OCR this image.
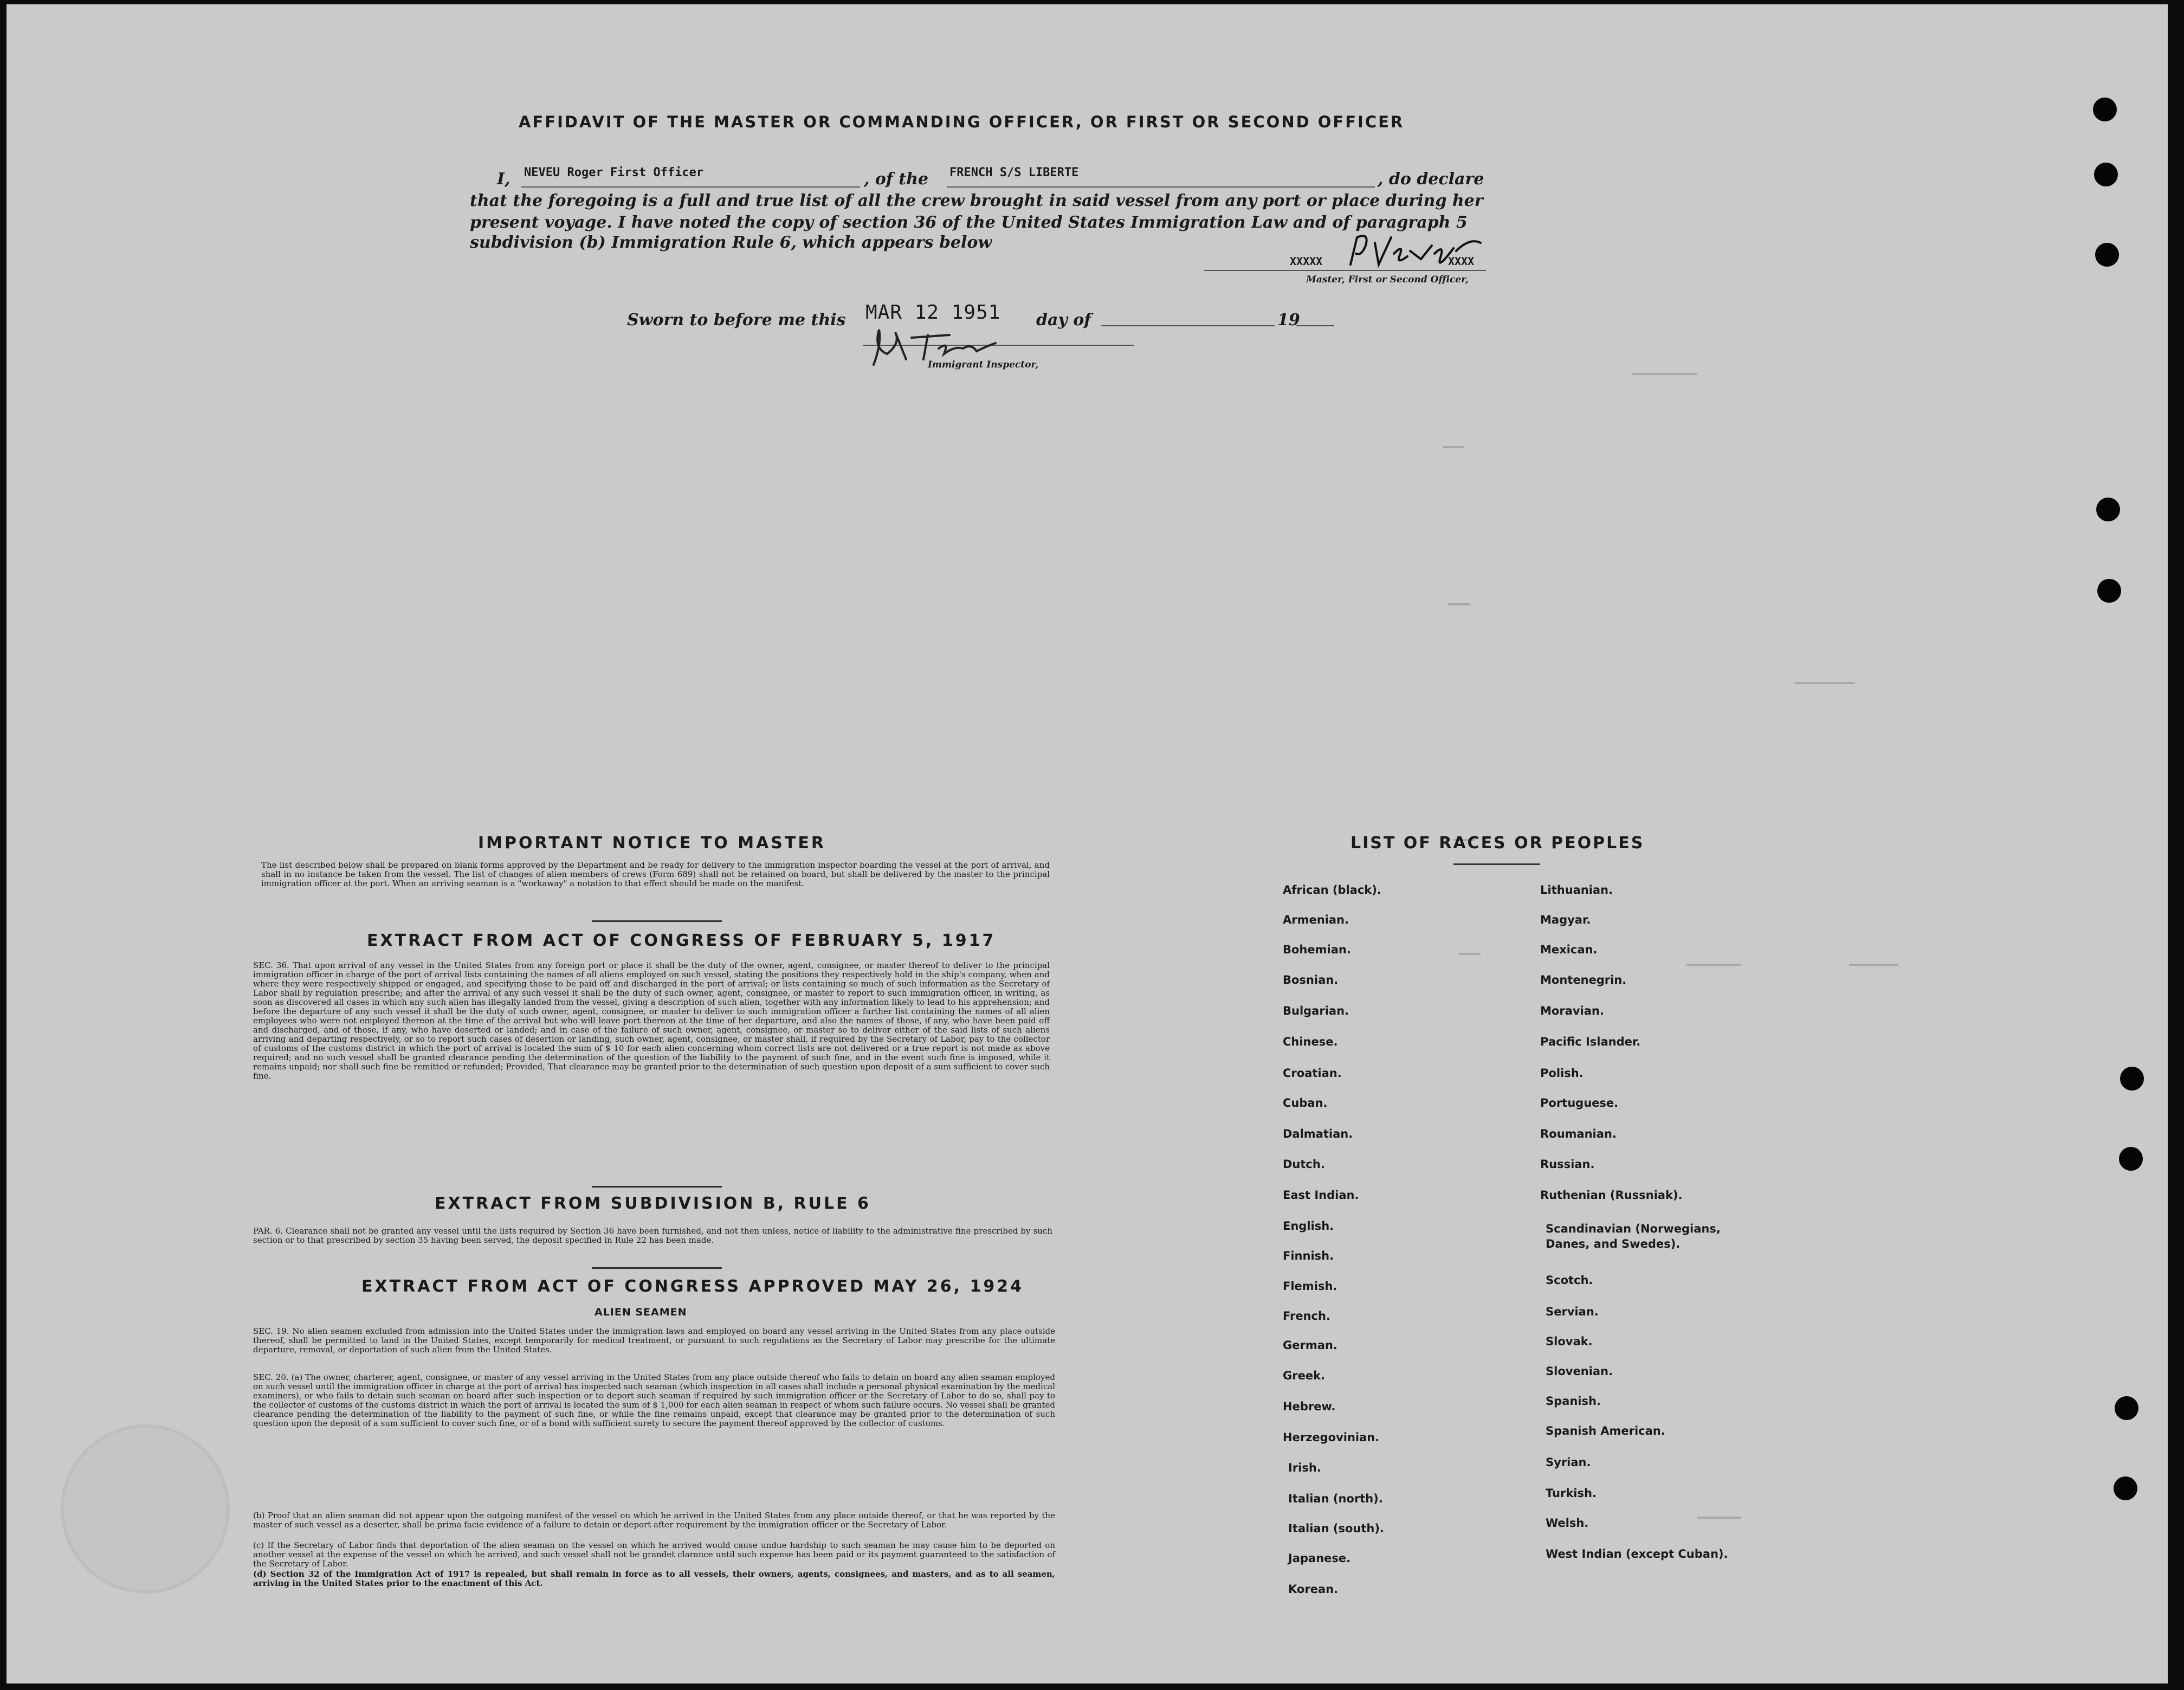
AFFIDAVIT OF THE MASTER OR COMMANDING OFFICER, OR FIRST OR SECOND OFFICER
I, NEVEU Roger First Officer	, of the FRENCH S/S LIBERTE	, do declare
that the foregoing is a full and true list of all the crew brought in said vessel from any port or place during her
present voyage. I have noted the copy of section 36 of the United States Immigration Law and of paragraph 5
subdivision (b) Immigration Rule 6, which appears below
XXXXX	XXXX
Master, First or Second Officer,
Sworn to before me this MAR 12 1951 day of	19
Immigrant Inspector,
IMPORTANT NOTICE TO MASTER
The list described below shall be prepared on blank forms approved by the Department and be ready for delivery to the immigration inspector boarding the vessel at the port of arrival, and shall in no instance be taken from the vessel. The list of changes of alien members of crews (Form 689) shall not be retained on board, but shall be delivered by the master to the principal immigration officer at the port. When an arriving seaman is a "workaway" a notation to that effect should be made on the manifest.
EXTRACT FROM ACT OF CONGRESS OF FEBRUARY 5, 1917
SEC. 36. That upon arrival of any vessel in the United States from any foreign port or place it shall be the duty of the owner, agent, consignee, or master thereof to deliver to the principal immigration officer in charge of the port of arrival lists containing the names of all aliens employed on such vessel, stating the positions they respectively hold in the ship's company, when and where they were respectively shipped or engaged, and specifying those to be paid off and discharged in the port of arrival; or lists containing so much of such information as the Secretary of Labor shall by regulation prescribe; and after the arrival of any such vessel it shall be the duty of such owner, agent, consignee, or master to report to such immigration officer, in writing, as soon as discovered all cases in which any such alien has illegally landed from the vessel, giving a description of such alien, together with any information likely to lead to his apprehension; and before the departure of any such vessel it shall be the duty of such owner, agent, consignee, or master to deliver to such immigration officer a further list containing the names of all alien employees who were not employed thereon at the time of the arrival but who will leave port thereon at the time of her departure, and also the names of those, if any, who have been paid off and discharged, and of those, if any, who have deserted or landed; and in case of the failure of such owner, agent, consignee, or master so to deliver either of the said lists of such aliens arriving and departing respectively, or so to report such cases of desertion or landing, such owner, agent, consignee, or master shall, if required by the Secretary of Labor, pay to the collector of customs of the customs district in which the port of arrival is located the sum of $ 10 for each alien concerning whom correct lists are not delivered or a true report is not made as above required; and no such vessel shall be granted clearance pending the determination of the question of the liability to the payment of such fine, and in the event such fine is imposed, while it remains unpaid; nor shall such fine be remitted or refunded; Provided, That clearance may be granted prior to the determination of such question upon deposit of a sum sufficient to cover such fine.
EXTRACT FROM SUBDIVISION B, RULE 6
PAR. 6. Clearance shall not be granted any vessel until the lists required by Section 36 have been furnished, and not then unless, notice of liability to the administrative fine prescribed by such section or to that prescribed by section 35 having been served, the deposit specified in Rule 22 has been made.
EXTRACT FROM ACT OF CONGRESS APPROVED MAY 26, 1924
ALIEN SEAMEN
SEC. 19. No alien seamen excluded from admission into the United States under the immigration laws and employed on board any vessel arriving in the United States from any place outside thereof, shall be permitted to land in the United States, except temporarily for medical treatment, or pursuant to such regulations as the Secretary of Labor may prescribe for the ultimate departure, removal, or deportation of such alien from the United States.
SEC. 20. (a) The owner, charterer, agent, consignee, or master of any vessel arriving in the United States from any place outside thereof who fails to detain on board any alien seaman employed on such vessel until the immigration officer in charge at the port of arrival has inspected such seaman (which inspection in all cases shall include a personal physical examination by the medical examiners), or who fails to detain such seaman on board after such inspection or to deport such seaman if required by such immigration officer or the Secretary of Labor to do so, shall pay to the collector of customs of the customs district in which the port of arrival is located the sum of $ 1,000 for each alien seaman in respect of whom such failure occurs. No vessel shall be granted clearance pending the determination of the liability to the payment of such fine, or while the fine remains unpaid, except that clearance may be granted prior to the determination of such question upon the deposit of a sum sufficient to cover such fine, or of a bond with sufficient surety to secure the payment thereof approved by the collector of customs.
(b) Proof that an alien seaman did not appear upon the outgoing manifest of the vessel on which he arrived in the United States from any place outside thereof, or that he was reported by the master of such vessel as a deserter, shall be prima facie evidence of a failure to detain or deport after requirement by the immigration officer or the Secretary of Labor.
(c) If the Secretary of Labor finds that deportation of the alien seaman on the vessel on which he arrived would cause undue hardship to such seaman he may cause him to be deported on another vessel at the expense of the vessel on which he arrived, and such vessel shall not be grandet clarance until such expense has been paid or its payment guaranteed to the satisfaction of the Secretary of Labor.
(d) Section 32 of the Immigration Act of 1917 is repealed, but shall remain in force as to all vessels, their owners, agents, consignees, and masters, and as to all seamen, arriving in the United States prior to the enactment of this Act.
LIST OF RACES OR PEOPLES
African (black).
Armenian.
Bohemian.
Bosnian.
Bulgarian.
Chinese.
Croatian.
Cuban.
Dalmatian.
Dutch.
East Indian.
English.
Finnish.
Flemish.
French.
German.
Greek.
Hebrew.
Herzegovinian.
Irish.
Italian (north).
Italian (south).
Japanese.
Korean.
Lithuanian.
Magyar.
Mexican.
Montenegrin.
Moravian.
Pacific Islander.
Polish.
Portuguese.
Roumanian.
Russian.
Ruthenian (Russniak).
Scandinavian (Norwegians, Danes, and Swedes).
Scotch.
Servian.
Slovak.
Slovenian.
Spanish.
Spanish American.
Syrian.
Turkish.
Welsh.
West Indian (except Cuban).
